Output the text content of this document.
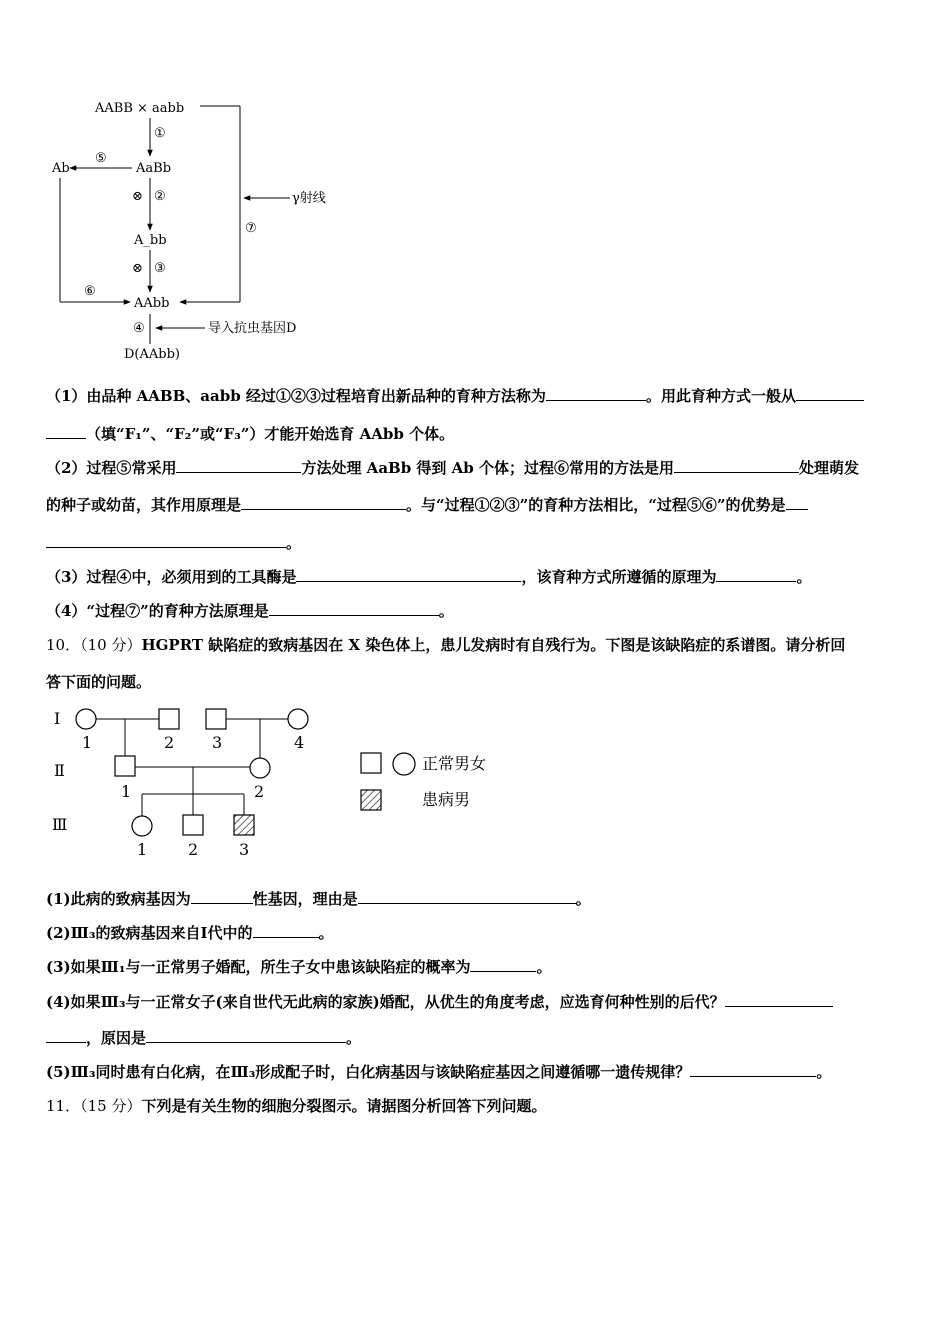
AABB × aabb
①
AaBb
⑤
Ab
⑥
⊗ ②
A_bb
⊗ ③
AAbb
γ射线
⑦
④	导入抗虫基因D
D(AAbb)
（1）由品种 AABB、aabb 经过①②③过程培育出新品种的育种方法称为	。用此育种方式一般从
（填“F₁”、“F₂”或“F₃”）才能开始选育 AAbb 个体。
（2）过程⑤常采用	方法处理 AaBb 得到 Ab 个体；过程⑥常用的方法是用	处理萌发
的种子或幼苗，其作用原理是	。与“过程①②③”的育种方法相比，“过程⑤⑥”的优势是
。
（3）过程④中，必须用到的工具酶是	，该育种方式所遵循的原理为	。
（4）“过程⑦”的育种方法原理是	。
10．（10 分）HGPRT 缺陷症的致病基因在 X 染色体上，患儿发病时有自残行为。下图是该缺陷症的系谱图。请分析回
答下面的问题。
Ⅰ
Ⅱ
Ⅲ
1	2 3	4
1	2
1	2	3
正常男女
患病男
(1)此病的致病基因为	性基因，理由是	。
(2)Ⅲ₃的致病基因来自Ⅰ代中的	。
(3)如果Ⅲ₁与一正常男子婚配，所生子女中患该缺陷症的概率为	。
(4)如果Ⅲ₃与一正常女子(来自世代无此病的家族)婚配，从优生的角度考虑，应选育何种性别的后代？
，原因是	。
(5)Ⅲ₃同时患有白化病，在Ⅲ₃形成配子时，白化病基因与该缺陷症基因之间遵循哪一遗传规律？	。
11．（15 分）下列是有关生物的细胞分裂图示。请据图分析回答下列问题。
